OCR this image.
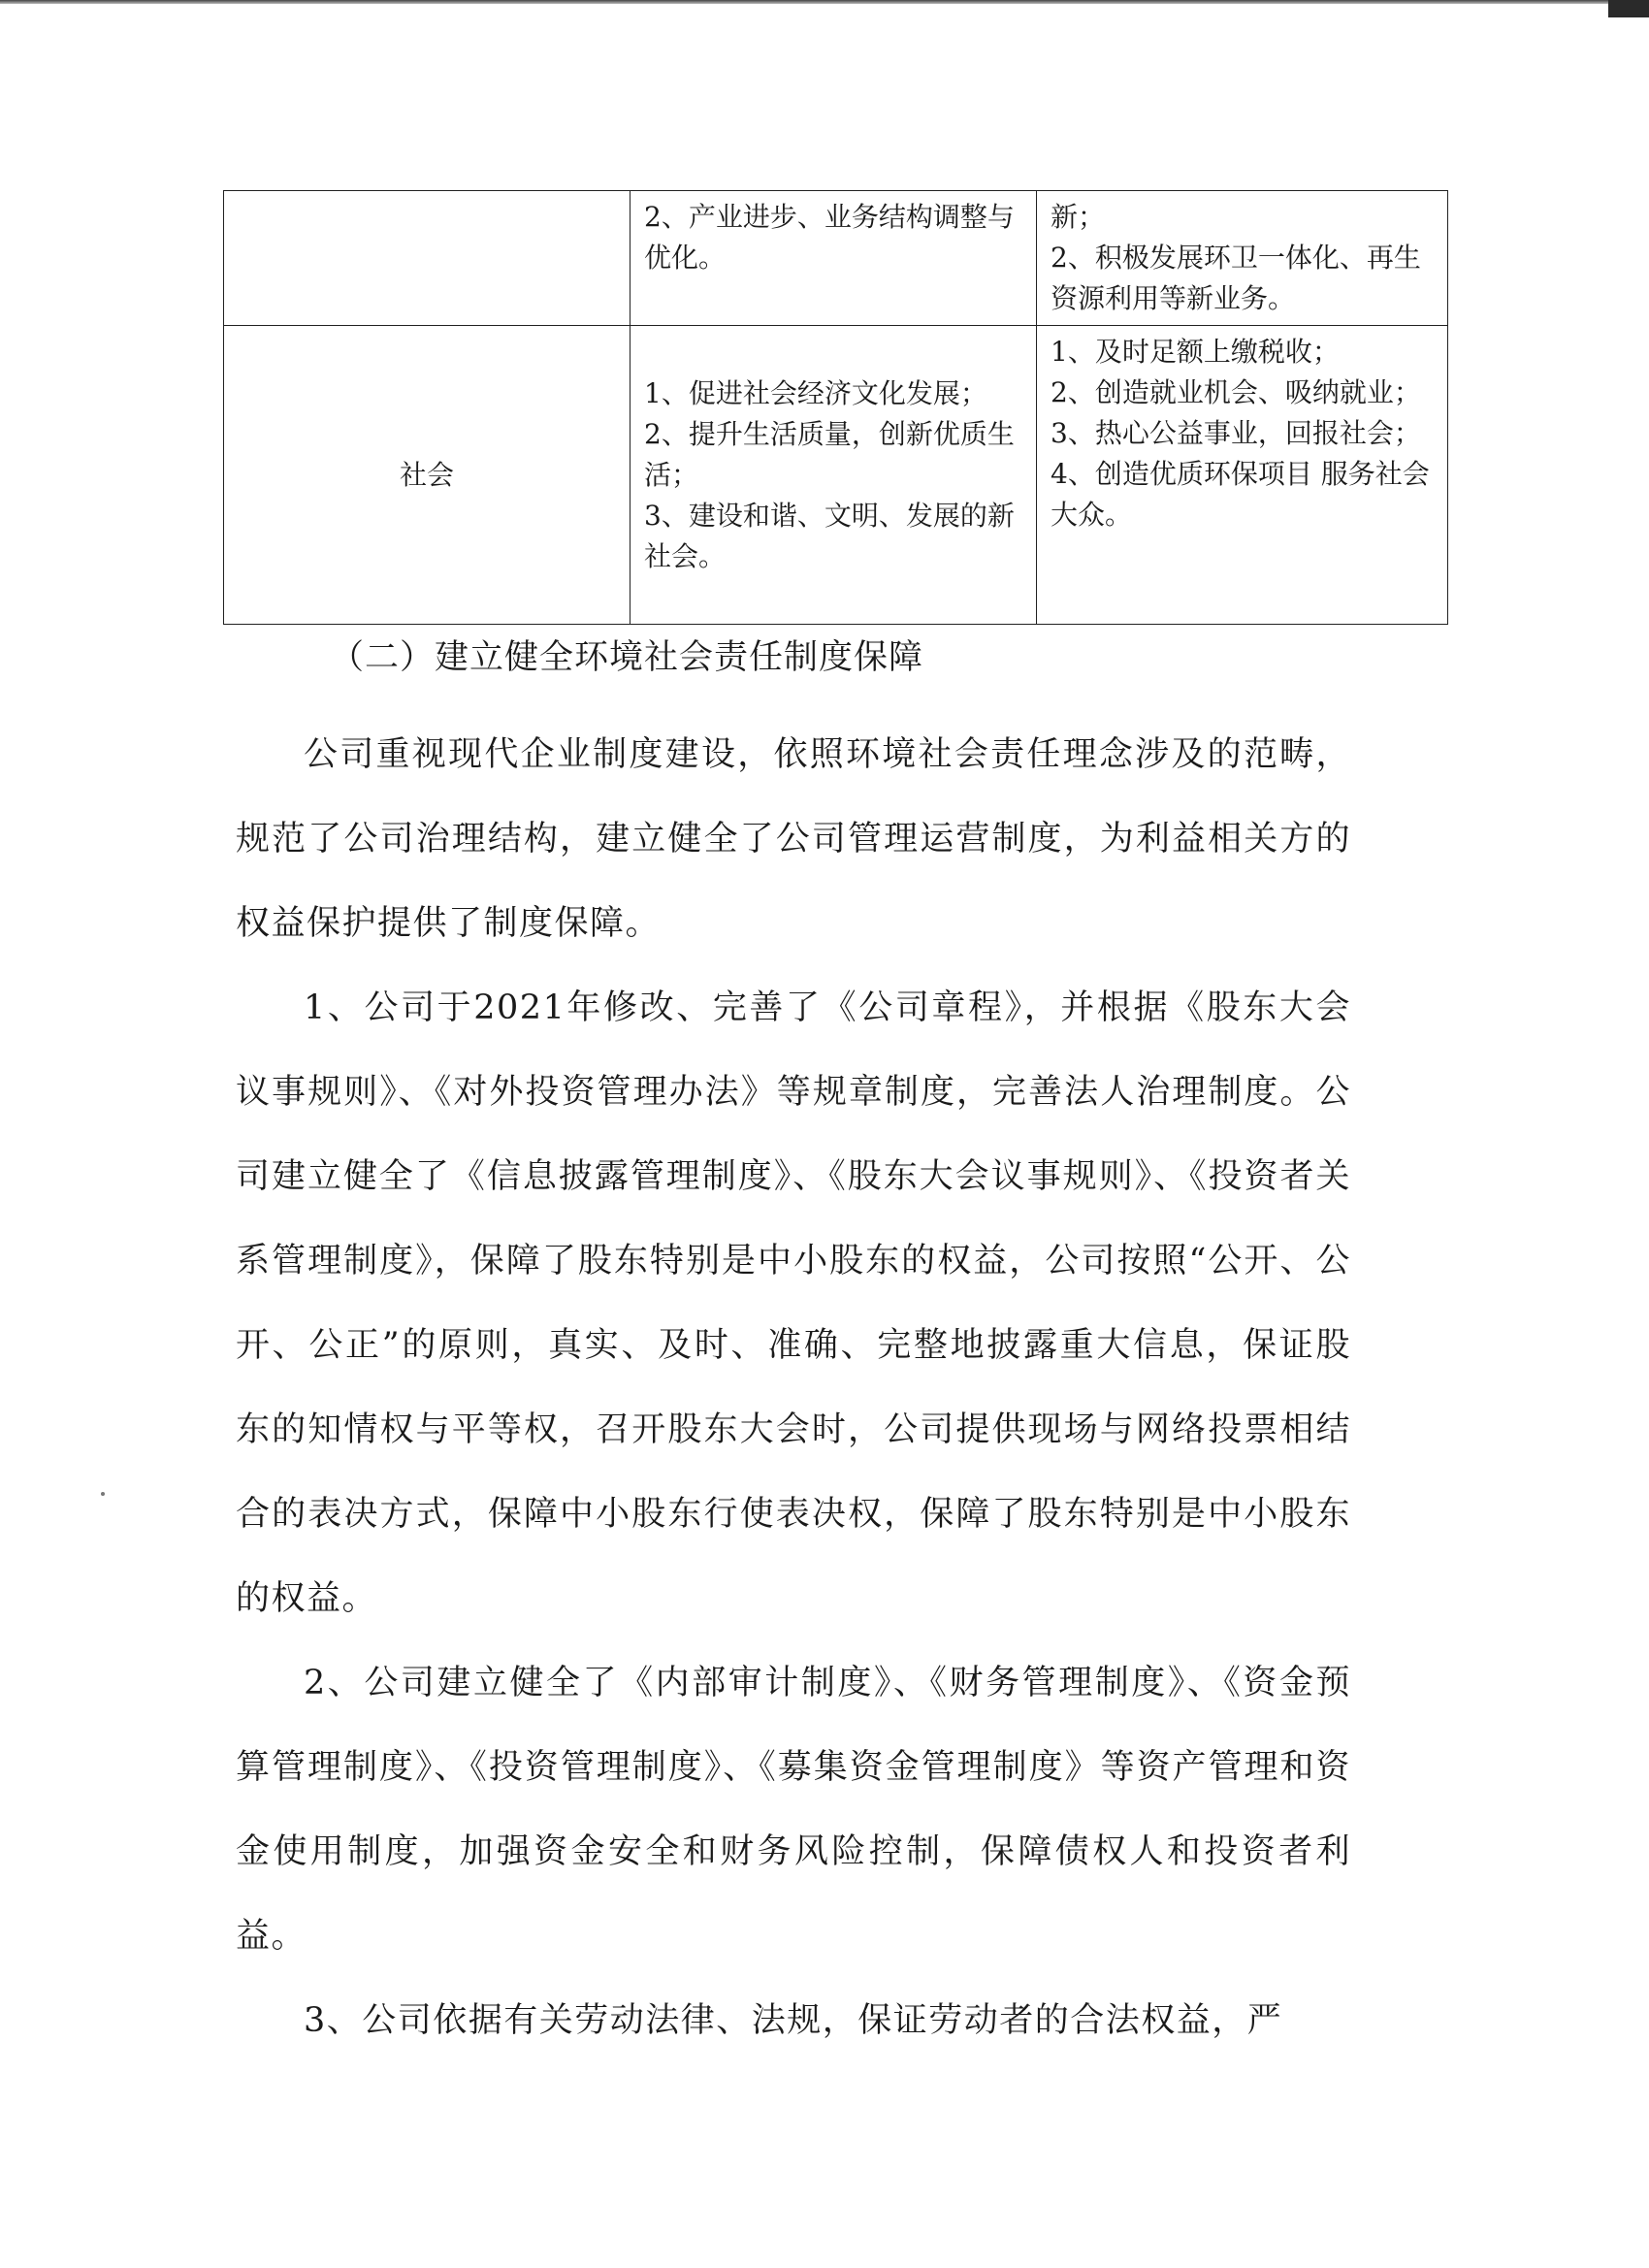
	2、产业进步、业务结构调整与优化。	新；
2、积极发展环卫一体化、再生资源利用等新业务。

社会	1、促进社会经济文化发展；
2、提升生活质量，创新优质生活；
3、建设和谐、文明、发展的新社会。	1、及时足额上缴税收；
2、创造就业机会、吸纳就业；
3、热心公益事业，回报社会；
4、创造优质环保项目 服务社会大众。
（二）建立健全环境社会责任制度保障

公司重视现代企业制度建设，依照环境社会责任理念涉及的范畴，规范了公司治理结构，建立健全了公司管理运营制度，为利益相关方的权益保护提供了制度保障。

1、公司于2021年修改、完善了《公司章程》，并根据《股东大会议事规则》、《对外投资管理办法》等规章制度，完善法人治理制度。公司建立健全了《信息披露管理制度》、《股东大会议事规则》、《投资者关系管理制度》，保障了股东特别是中小股东的权益，公司按照“公开、公开、公正”的原则，真实、及时、准确、完整地披露重大信息，保证股东的知情权与平等权，召开股东大会时，公司提供现场与网络投票相结合的表决方式，保障中小股东行使表决权，保障了股东特别是中小股东的权益。

2、公司建立健全了《内部审计制度》、《财务管理制度》、《资金预算管理制度》、《投资管理制度》、《募集资金管理制度》等资产管理和资金使用制度，加强资金安全和财务风险控制，保障债权人和投资者利益。

3、公司依据有关劳动法律、法规，保证劳动者的合法权益，严
